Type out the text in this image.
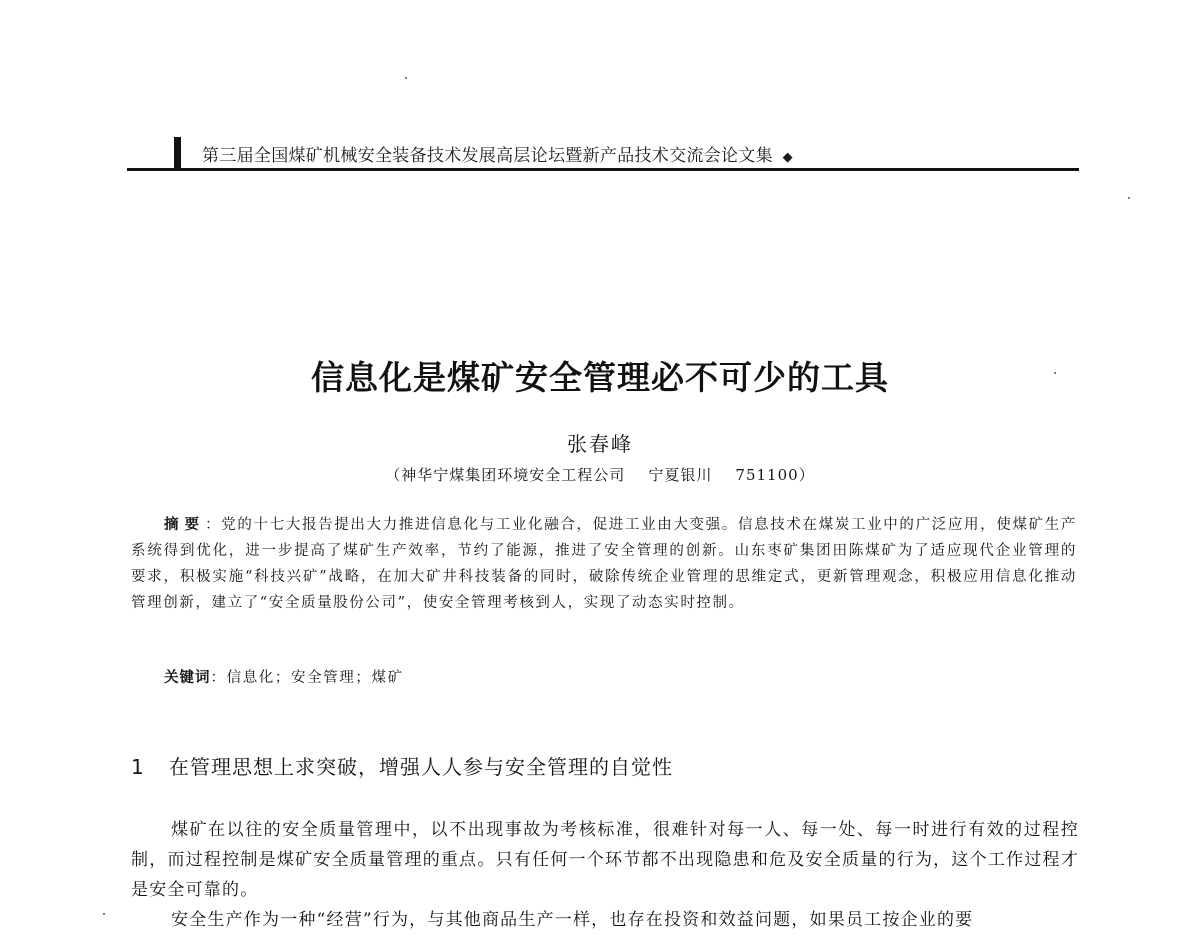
第三届全国煤矿机械安全装备技术发展高层论坛暨新产品技术交流会论文集 ◆
信息化是煤矿安全管理必不可少的工具
张春峰
（神华宁煤集团环境安全工程公司    宁夏银川    751100）
摘要：党的十七大报告提出大力推进信息化与工业化融合，促进工业由大变强。信息技术在煤炭工业中的广泛应用，使煤矿生产系统得到优化，进一步提高了煤矿生产效率，节约了能源，推进了安全管理的创新。山东枣矿集团田陈煤矿为了适应现代企业管理的要求，积极实施“科技兴矿”战略，在加大矿井科技装备的同时，破除传统企业管理的思维定式，更新管理观念，积极应用信息化推动管理创新，建立了“安全质量股份公司”，使安全管理考核到人，实现了动态实时控制。
关键词：信息化；安全管理；煤矿
1 在管理思想上求突破，增强人人参与安全管理的自觉性

煤矿在以往的安全质量管理中，以不出现事故为考核标准，很难针对每一人、每一处、每一时进行有效的过程控制，而过程控制是煤矿安全质量管理的重点。只有任何一个环节都不出现隐患和危及安全质量的行为，这个工作过程才是安全可靠的。

安全生产作为一种“经营”行为，与其他商品生产一样，也存在投资和效益问题，如果员工按企业的要
